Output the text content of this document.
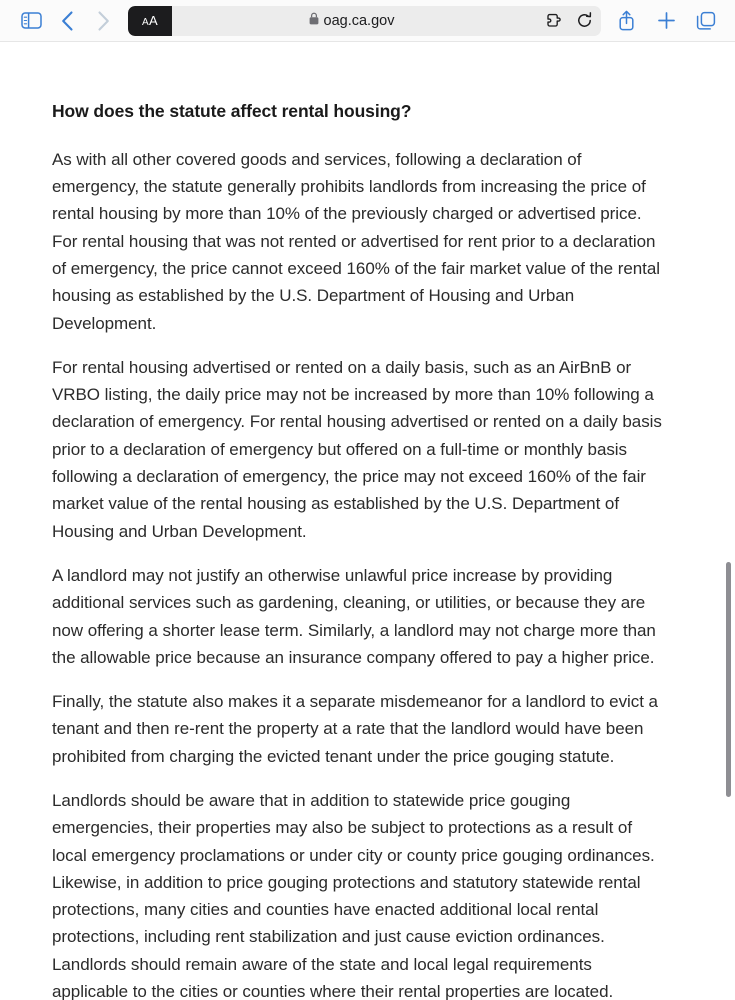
AA	oag.ca.gov
How does the statute affect rental housing?

As with all other covered goods and services, following a declaration of emergency, the statute generally prohibits landlords from increasing the price of rental housing by more than 10% of the previously charged or advertised price. For rental housing that was not rented or advertised for rent prior to a declaration of emergency, the price cannot exceed 160% of the fair market value of the rental housing as established by the U.S. Department of Housing and Urban Development.

For rental housing advertised or rented on a daily basis, such as an AirBnB or VRBO listing, the daily price may not be increased by more than 10% following a declaration of emergency. For rental housing advertised or rented on a daily basis prior to a declaration of emergency but offered on a full-time or monthly basis following a declaration of emergency, the price may not exceed 160% of the fair market value of the rental housing as established by the U.S. Department of Housing and Urban Development.

A landlord may not justify an otherwise unlawful price increase by providing additional services such as gardening, cleaning, or utilities, or because they are now offering a shorter lease term. Similarly, a landlord may not charge more than the allowable price because an insurance company offered to pay a higher price.

Finally, the statute also makes it a separate misdemeanor for a landlord to evict a tenant and then re-rent the property at a rate that the landlord would have been prohibited from charging the evicted tenant under the price gouging statute.

Landlords should be aware that in addition to statewide price gouging emergencies, their properties may also be subject to protections as a result of local emergency proclamations or under city or county price gouging ordinances. Likewise, in addition to price gouging protections and statutory statewide rental protections, many cities and counties have enacted additional local rental protections, including rent stabilization and just cause eviction ordinances. Landlords should remain aware of the state and local legal requirements applicable to the cities or counties where their rental properties are located.
